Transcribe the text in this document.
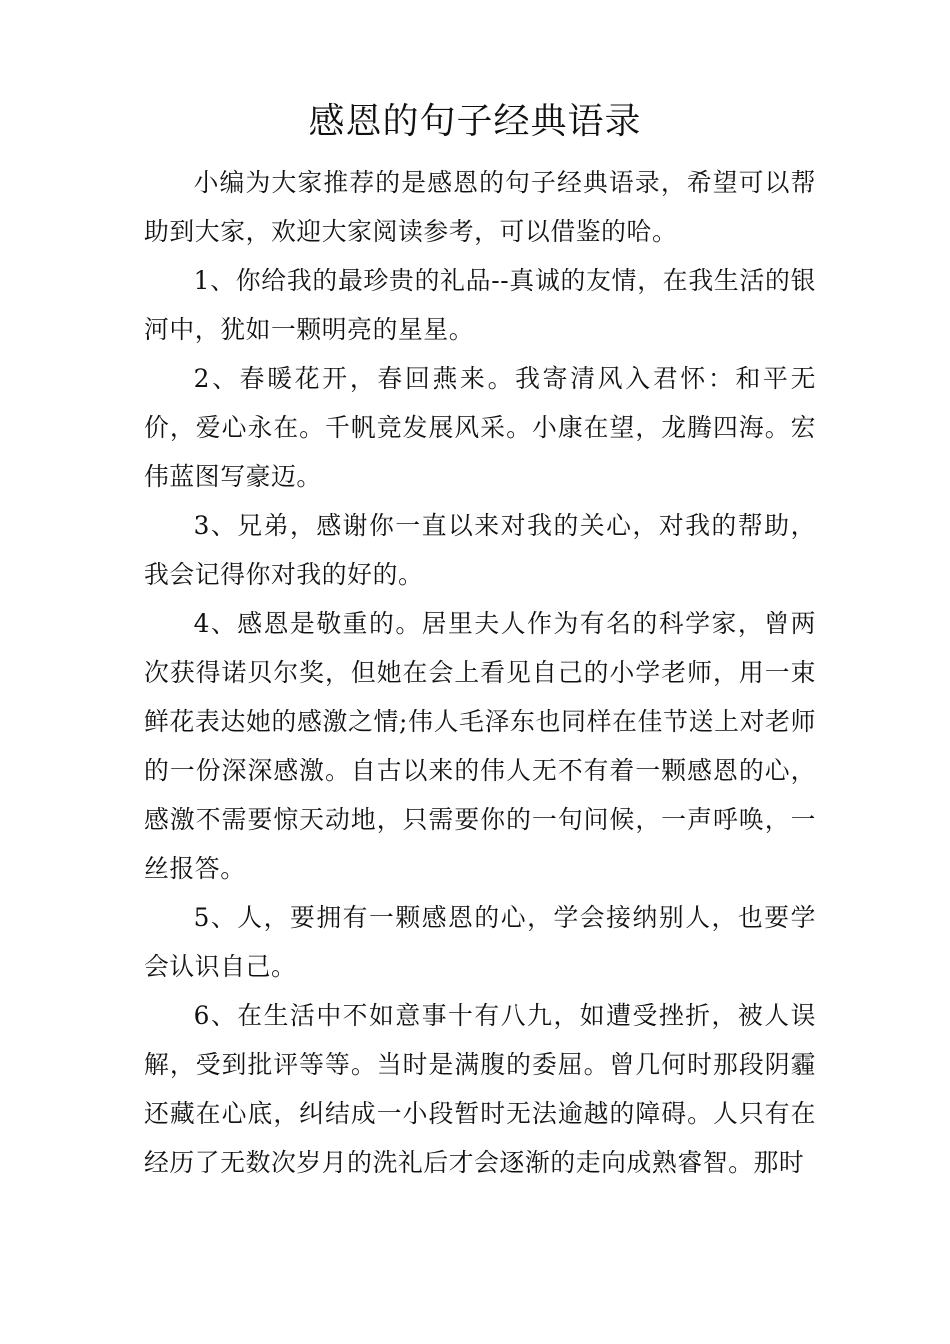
感恩的句子经典语录

小编为大家推荐的是感恩的句子经典语录，希望可以帮助到大家，欢迎大家阅读参考，可以借鉴的哈。

1、你给我的最珍贵的礼品--真诚的友情，在我生活的银河中，犹如一颗明亮的星星。

2、春暖花开，春回燕来。我寄清风入君怀：和平无价，爱心永在。千帆竞发展风采。小康在望，龙腾四海。宏伟蓝图写豪迈。

3、兄弟，感谢你一直以来对我的关心，对我的帮助，我会记得你对我的好的。

4、感恩是敬重的。居里夫人作为有名的科学家，曾两次获得诺贝尔奖，但她在会上看见自己的小学老师，用一束鲜花表达她的感激之情;伟人毛泽东也同样在佳节送上对老师的一份深深感激。自古以来的伟人无不有着一颗感恩的心，感激不需要惊天动地，只需要你的一句问候，一声呼唤，一丝报答。

5、人，要拥有一颗感恩的心，学会接纳别人，也要学会认识自己。

6、在生活中不如意事十有八九，如遭受挫折，被人误解，受到批评等等。当时是满腹的委屈。曾几何时那段阴霾还藏在心底，纠结成一小段暂时无法逾越的障碍。人只有在经历了无数次岁月的洗礼后才会逐渐的走向成熟睿智。那时
